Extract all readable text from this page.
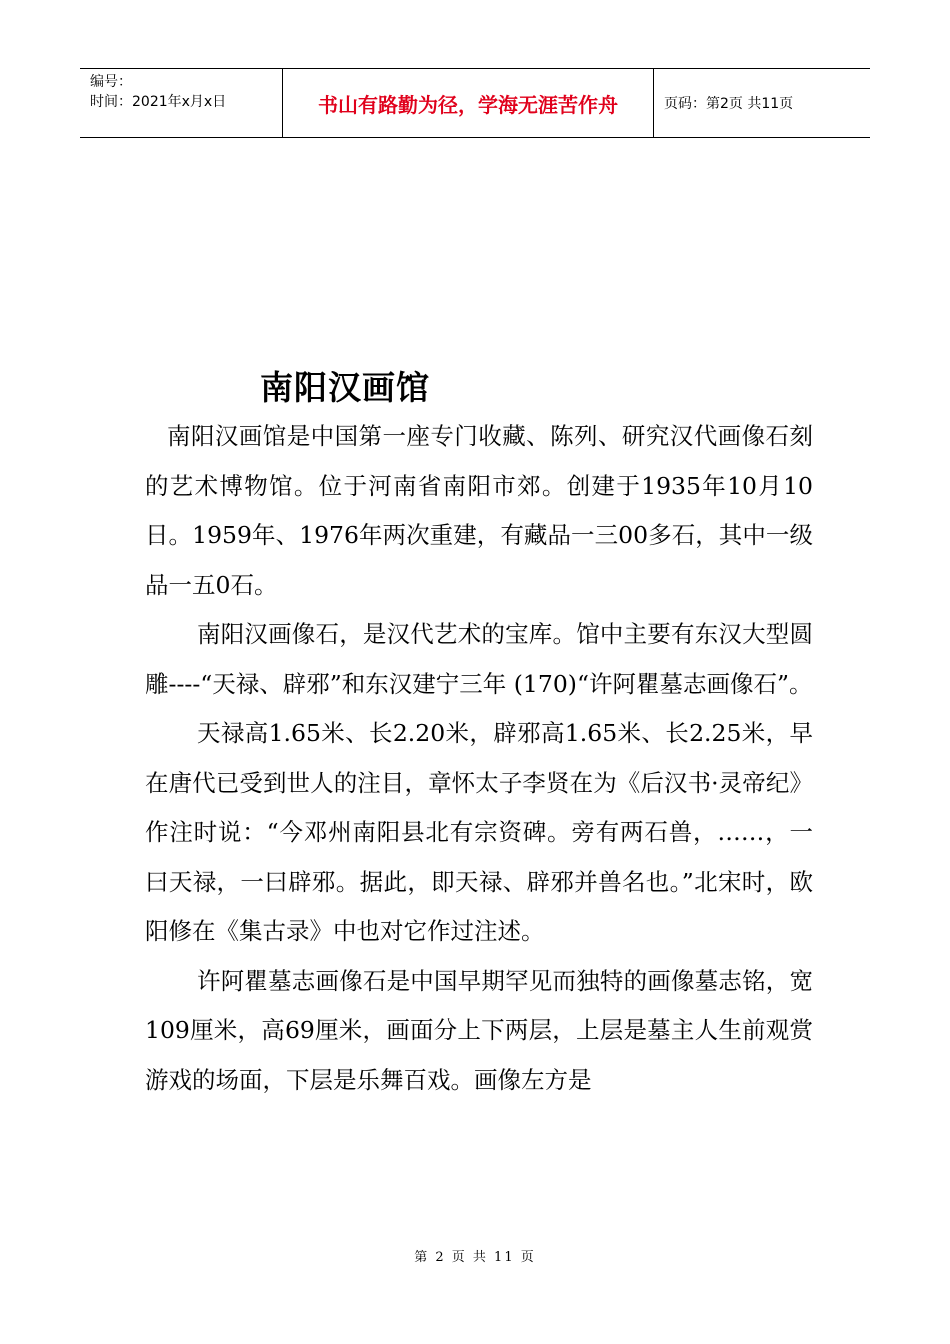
编号：
时间：2021年x月x日	书山有路勤为径，学海无涯苦作舟	页码：第2页 共11页
南阳汉画馆

南阳汉画馆是中国第一座专门收藏、陈列、研究汉代画像石刻的艺术博物馆。位于河南省南阳市郊。创建于1935年10月10日。1959年、1976年两次重建，有藏品一三00多石，其中一级品一五0石。

南阳汉画像石，是汉代艺术的宝库。馆中主要有东汉大型圆雕----“天禄、辟邪”和东汉建宁三年 (170)“许阿瞿墓志画像石”。

天禄高1.65米、长2.20米，辟邪高1.65米、长2.25米，早在唐代已受到世人的注目，章怀太子李贤在为《后汉书·灵帝纪》作注时说：“今邓州南阳县北有宗资碑。旁有两石兽，……，一曰天禄，一曰辟邪。据此，即天禄、辟邪并兽名也。”北宋时，欧阳修在《集古录》中也对它作过注述。

许阿瞿墓志画像石是中国早期罕见而独特的画像墓志铭，宽109厘米，高69厘米，画面分上下两层，上层是墓主人生前观赏游戏的场面，下层是乐舞百戏。画像左方是

第 2 页 共 11 页
